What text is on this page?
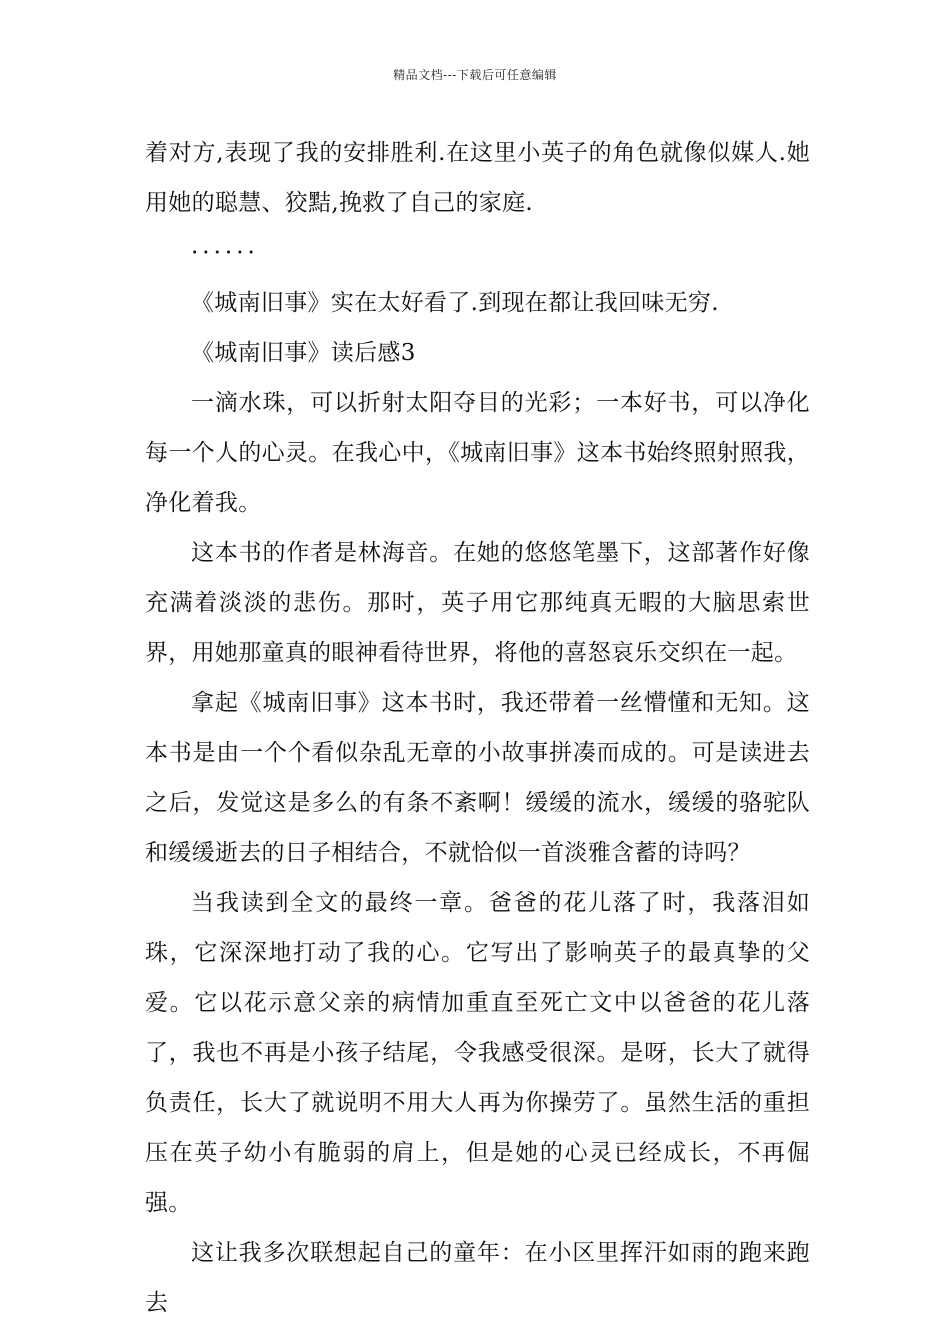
精品文档---下载后可任意编辑

着对方,表现了我的安排胜利.在这里小英子的角色就像似媒人.她用她的聪慧、狡黠,挽救了自己的家庭.

······

《城南旧事》实在太好看了.到现在都让我回味无穷.

《城南旧事》读后感3

一滴水珠，可以折射太阳夺目的光彩；一本好书，可以净化每一个人的心灵。在我心中，《城南旧事》这本书始终照射照我，净化着我。

这本书的作者是林海音。在她的悠悠笔墨下，这部著作好像充满着淡淡的悲伤。那时，英子用它那纯真无暇的大脑思索世界，用她那童真的眼神看待世界，将他的喜怒哀乐交织在一起。

拿起《城南旧事》这本书时，我还带着一丝懵懂和无知。这本书是由一个个看似杂乱无章的小故事拼凑而成的。可是读进去之后，发觉这是多么的有条不紊啊！缓缓的流水，缓缓的骆驼队和缓缓逝去的日子相结合，不就恰似一首淡雅含蓄的诗吗？

当我读到全文的最终一章。爸爸的花儿落了时，我落泪如珠，它深深地打动了我的心。它写出了影响英子的最真挚的父爱。它以花示意父亲的病情加重直至死亡文中以爸爸的花儿落了，我也不再是小孩子结尾，令我感受很深。是呀，长大了就得负责任，长大了就说明不用大人再为你操劳了。虽然生活的重担压在英子幼小有脆弱的肩上，但是她的心灵已经成长，不再倔强。

这让我多次联想起自己的童年：在小区里挥汗如雨的跑来跑去
